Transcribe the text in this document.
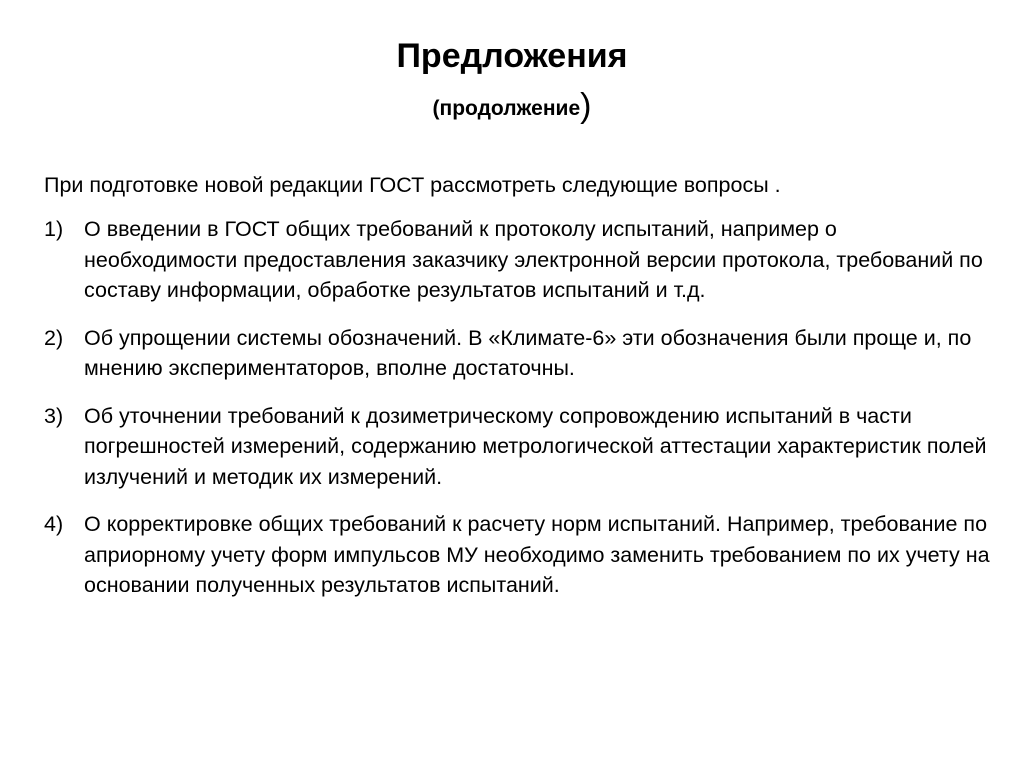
Предложения
(продолжение)
При подготовке новой редакции ГОСТ рассмотреть следующие вопросы .
1) О введении в ГОСТ общих требований к протоколу испытаний, например о необходимости предоставления заказчику электронной версии протокола, требований по составу информации, обработке результатов испытаний и т.д.
2) Об упрощении системы обозначений. В «Климате-6» эти обозначения были проще и, по мнению экспериментаторов, вполне достаточны.
3) Об уточнении требований к дозиметрическому сопровождению испытаний в части погрешностей измерений, содержанию метрологической аттестации характеристик полей излучений и методик их измерений.
4) О корректировке общих требований к расчету норм испытаний. Например, требование по априорному учету форм импульсов МУ необходимо заменить требованием по их учету на основании полученных результатов испытаний.
